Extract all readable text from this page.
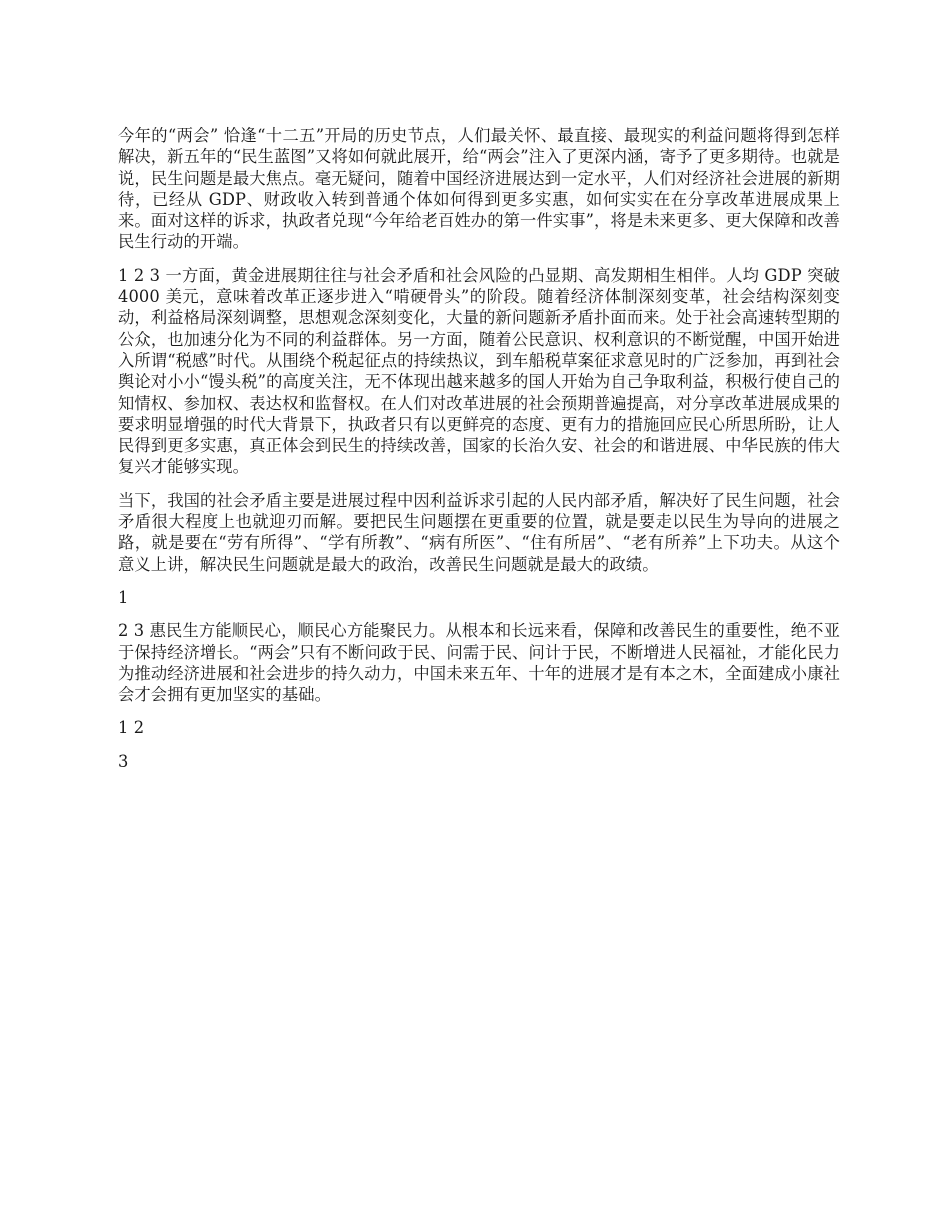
今年的“两会” 恰逢“十二五”开局的历史节点，人们最关怀、最直接、最现实的利益问题将得到怎样解决，新五年的“民生蓝图”又将如何就此展开，给“两会”注入了更深内涵，寄予了更多期待。也就是说，民生问题是最大焦点。毫无疑问，随着中国经济进展达到一定水平，人们对经济社会进展的新期待，已经从 GDP、财政收入转到普通个体如何得到更多实惠，如何实实在在分享改革进展成果上来。面对这样的诉求，执政者兑现“今年给老百姓办的第一件实事”，将是未来更多、更大保障和改善民生行动的开端。

1 2 3 一方面，黄金进展期往往与社会矛盾和社会风险的凸显期、高发期相生相伴。人均 GDP 突破 4000 美元，意味着改革正逐步进入“啃硬骨头”的阶段。随着经济体制深刻变革，社会结构深刻变动，利益格局深刻调整，思想观念深刻变化，大量的新问题新矛盾扑面而来。处于社会高速转型期的公众，也加速分化为不同的利益群体。另一方面，随着公民意识、权利意识的不断觉醒，中国开始进入所谓“税感”时代。从围绕个税起征点的持续热议，到车船税草案征求意见时的广泛参加，再到社会舆论对小小“馒头税”的高度关注，无不体现出越来越多的国人开始为自己争取利益，积极行使自己的知情权、参加权、表达权和监督权。在人们对改革进展的社会预期普遍提高，对分享改革进展成果的要求明显增强的时代大背景下，执政者只有以更鲜亮的态度、更有力的措施回应民心所思所盼，让人民得到更多实惠，真正体会到民生的持续改善，国家的长治久安、社会的和谐进展、中华民族的伟大复兴才能够实现。

当下，我国的社会矛盾主要是进展过程中因利益诉求引起的人民内部矛盾，解决好了民生问题，社会矛盾很大程度上也就迎刃而解。要把民生问题摆在更重要的位置，就是要走以民生为导向的进展之路，就是要在“劳有所得”、“学有所教”、“病有所医”、“住有所居”、“老有所养”上下功夫。从这个意义上讲，解决民生问题就是最大的政治，改善民生问题就是最大的政绩。

1

2 3 惠民生方能顺民心，顺民心方能聚民力。从根本和长远来看，保障和改善民生的重要性，绝不亚于保持经济增长。“两会”只有不断问政于民、问需于民、问计于民，不断增进人民福祉，才能化民力为推动经济进展和社会进步的持久动力，中国未来五年、十年的进展才是有本之木，全面建成小康社会才会拥有更加坚实的基础。

1 2

3
